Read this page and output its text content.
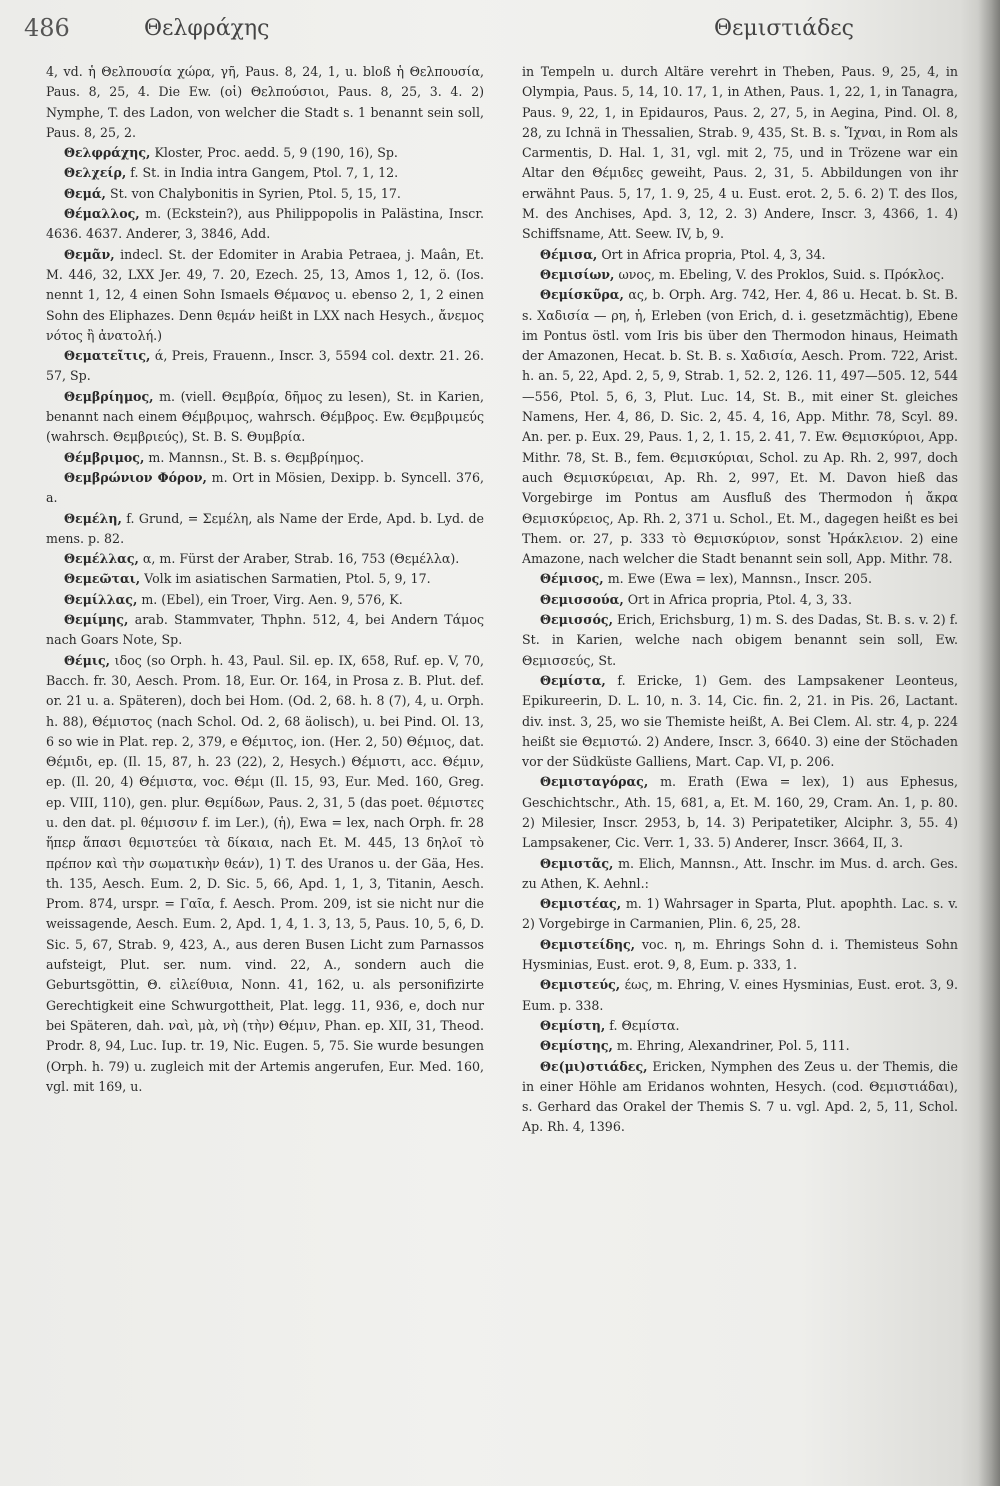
486	Θελφράχης	Θεμιστιάδες

4, vd. ἡ Θελπουσία χώρα, γῆ, Paus. 8, 24, 1, u. bloß ἡ Θελπουσία, Paus. 8, 25, 4. Die Ew. (οἱ) Θελπούσιοι, Paus. 8, 25, 3. 4. 2) Nymphe, T. des Ladon, von welcher die Stadt s. 1 benannt sein soll, Paus. 8, 25, 2.

Θελφράχης, Kloster, Proc. aedd. 5, 9 (190, 16), Sp.

Θελχείρ, f. St. in India intra Gangem, Ptol. 7, 1, 12.

Θεμά, St. von Chalybonitis in Syrien, Ptol. 5, 15, 17.

Θέμαλλος, m. (Eckstein?), aus Philippopolis in Palästina, Inscr. 4636. 4637. Anderer, 3, 3846, Add.

Θεμᾶν, indecl. St. der Edomiter in Arabia Petraea, j. Maân, Et. M. 446, 32, LXX Jer. 49, 7. 20, Ezech. 25, 13, Amos 1, 12, ö. (Ios. nennt 1, 12, 4 einen Sohn Ismaels Θέμανος u. ebenso 2, 1, 2 einen Sohn des Eliphazes. Denn θεμάν heißt in LXX nach Hesych., ἄνεμος νότος ἢ ἀνατολή.)

Θεματεῖτις, ά, Preis, Frauenn., Inscr. 3, 5594 col. dextr. 21. 26. 57, Sp.

Θεμβρίημος, m. (viell. Θεμβρία, δῆμος zu lesen), St. in Karien, benannt nach einem Θέμβριμος, wahrsch. Θέμβρος. Ew. Θεμβριμεύς (wahrsch. Θεμβριεύς), St. B. S. Θυμβρία.

Θέμβριμος, m. Mannsn., St. B. s. Θεμβρίημος.

Θεμβρώνιον Φόρον, m. Ort in Mösien, Dexipp. b. Syncell. 376, a.

Θεμέλη, f. Grund, = Σεμέλη, als Name der Erde, Apd. b. Lyd. de mens. p. 82.

Θεμέλλας, α, m. Fürst der Araber, Strab. 16, 753 (Θεμέλλα).

Θεμεῶται, Volk im asiatischen Sarmatien, Ptol. 5, 9, 17.

Θεμίλλας, m. (Ebel), ein Troer, Virg. Aen. 9, 576, K.

Θεμίμης, arab. Stammvater, Thphn. 512, 4, bei Andern Τάμος nach Goars Note, Sp.

Θέμις, ιδος (so Orph. h. 43, Paul. Sil. ep. IX, 658, Ruf. ep. V, 70, Bacch. fr. 30, Aesch. Prom. 18, Eur. Or. 164, in Prosa z. B. Plut. def. or. 21 u. a. Späteren), doch bei Hom. (Od. 2, 68. h. 8 (7), 4, u. Orph. h. 88), Θέμιστος (nach Schol. Od. 2, 68 äolisch), u. bei Pind. Ol. 13, 6 so wie in Plat. rep. 2, 379, e Θέμιτος, ion. (Her. 2, 50) Θέμιος, dat. Θέμιδι, ep. (Il. 15, 87, h. 23 (22), 2, Hesych.) Θέμιστι, acc. Θέμιν, ep. (Il. 20, 4) Θέμιστα, voc. Θέμι (Il. 15, 93, Eur. Med. 160, Greg. ep. VIII, 110), gen. plur. Θεμίδων, Paus. 2, 31, 5 (das poet. θέμιστες u. den dat. pl. θέμισσιν f. im Ler.), (ἡ), Ewa = lex, nach Orph. fr. 28 ἥπερ ἅπασι θεμιστεύει τὰ δίκαια, nach Et. M. 445, 13 δηλοῖ τὸ πρέπον καὶ τὴν σωματικὴν θεάν), 1) T. des Uranos u. der Gäa, Hes. th. 135, Aesch. Eum. 2, D. Sic. 5, 66, Apd. 1, 1, 3, Titanin, Aesch. Prom. 874, urspr. = Γαῖα, f. Aesch. Prom. 209, ist sie nicht nur die weissagende, Aesch. Eum. 2, Apd. 1, 4, 1. 3, 13, 5, Paus. 10, 5, 6, D. Sic. 5, 67, Strab. 9, 423, A., aus deren Busen Licht zum Parnassos aufsteigt, Plut. ser. num. vind. 22, A., sondern auch die Geburtsgöttin, Θ. εἰλείθυια, Nonn. 41, 162, u. als personifizirte Gerechtigkeit eine Schwurgottheit, Plat. legg. 11, 936, e, doch nur bei Späteren, dah. ναὶ, μὰ, νὴ (τὴν) Θέμιν, Phan. ep. XII, 31, Theod. Prodr. 8, 94, Luc. Iup. tr. 19, Nic. Eugen. 5, 75. Sie wurde besungen (Orph. h. 79) u. zugleich mit der Artemis angerufen, Eur. Med. 160, vgl. mit 169, u.

in Tempeln u. durch Altäre verehrt in Theben, Paus. 9, 25, 4, in Olympia, Paus. 5, 14, 10. 17, 1, in Athen, Paus. 1, 22, 1, in Tanagra, Paus. 9, 22, 1, in Epidauros, Paus. 2, 27, 5, in Aegina, Pind. Ol. 8, 28, zu Ichnä in Thessalien, Strab. 9, 435, St. B. s. Ἴχναι, in Rom als Carmentis, D. Hal. 1, 31, vgl. mit 2, 75, und in Trözene war ein Altar den Θέμιδες geweiht, Paus. 2, 31, 5. Abbildungen von ihr erwähnt Paus. 5, 17, 1. 9, 25, 4 u. Eust. erot. 2, 5. 6. 2) T. des Ilos, M. des Anchises, Apd. 3, 12, 2. 3) Andere, Inscr. 3, 4366, 1. 4) Schiffsname, Att. Seew. IV, b, 9.

Θέμισα, Ort in Africa propria, Ptol. 4, 3, 34.

Θεμισίων, ωνος, m. Ebeling, V. des Proklos, Suid. s. Πρόκλος.

Θεμίσκῦρα, ας, b. Orph. Arg. 742, Her. 4, 86 u. Hecat. b. St. B. s. Χαδισία — ρη, ἡ, Erleben (von Erich, d. i. gesetzmächtig), Ebene im Pontus östl. vom Iris bis über den Thermodon hinaus, Heimath der Amazonen, Hecat. b. St. B. s. Χαδισία, Aesch. Prom. 722, Arist. h. an. 5, 22, Apd. 2, 5, 9, Strab. 1, 52. 2, 126. 11, 497—505. 12, 544—556, Ptol. 5, 6, 3, Plut. Luc. 14, St. B., mit einer St. gleiches Namens, Her. 4, 86, D. Sic. 2, 45. 4, 16, App. Mithr. 78, Scyl. 89. An. per. p. Eux. 29, Paus. 1, 2, 1. 15, 2. 41, 7. Ew. Θεμισκύριοι, App. Mithr. 78, St. B., fem. Θεμισκύριαι, Schol. zu Ap. Rh. 2, 997, doch auch Θεμισκύρειαι, Ap. Rh. 2, 997, Et. M. Davon hieß das Vorgebirge im Pontus am Ausfluß des Thermodon ἡ ἄκρα Θεμισκύρειος, Ap. Rh. 2, 371 u. Schol., Et. M., dagegen heißt es bei Them. or. 27, p. 333 τὸ Θεμισκύριον, sonst Ἡράκλειον. 2) eine Amazone, nach welcher die Stadt benannt sein soll, App. Mithr. 78.

Θέμισος, m. Ewe (Ewa = lex), Mannsn., Inscr. 205.

Θεμισσούα, Ort in Africa propria, Ptol. 4, 3, 33.

Θεμισσός, Erich, Erichsburg, 1) m. S. des Dadas, St. B. s. v. 2) f. St. in Karien, welche nach obigem benannt sein soll, Ew. Θεμισσεύς, St.

Θεμίστα, f. Ericke, 1) Gem. des Lampsakener Leonteus, Epikureerin, D. L. 10, n. 3. 14, Cic. fin. 2, 21. in Pis. 26, Lactant. div. inst. 3, 25, wo sie Themiste heißt, A. Bei Clem. Al. str. 4, p. 224 heißt sie Θεμιστώ. 2) Andere, Inscr. 3, 6640. 3) eine der Stöchaden vor der Südküste Galliens, Mart. Cap. VI, p. 206.

Θεμισταγόρας, m. Erath (Ewa = lex), 1) aus Ephesus, Geschichtschr., Ath. 15, 681, a, Et. M. 160, 29, Cram. An. 1, p. 80. 2) Milesier, Inscr. 2953, b, 14. 3) Peripatetiker, Alciphr. 3, 55. 4) Lampsakener, Cic. Verr. 1, 33. 5) Anderer, Inscr. 3664, II, 3.

Θεμιστᾶς, m. Elich, Mannsn., Att. Inschr. im Mus. d. arch. Ges. zu Athen, K. Aehnl.:

Θεμιστέας, m. 1) Wahrsager in Sparta, Plut. apophth. Lac. s. v. 2) Vorgebirge in Carmanien, Plin. 6, 25, 28.

Θεμιστείδης, voc. η, m. Ehrings Sohn d. i. Themisteus Sohn Hysminias, Eust. erot. 9, 8, Eum. p. 333, 1.

Θεμιστεύς, έως, m. Ehring, V. eines Hysminias, Eust. erot. 3, 9. Eum. p. 338.

Θεμίστη, f. Θεμίστα.

Θεμίστης, m. Ehring, Alexandriner, Pol. 5, 111.

Θε(μι)στιάδες, Ericken, Nymphen des Zeus u. der Themis, die in einer Höhle am Eridanos wohnten, Hesych. (cod. Θεμιστιάδαι), s. Gerhard das Orakel der Themis S. 7 u. vgl. Apd. 2, 5, 11, Schol. Ap. Rh. 4, 1396.
